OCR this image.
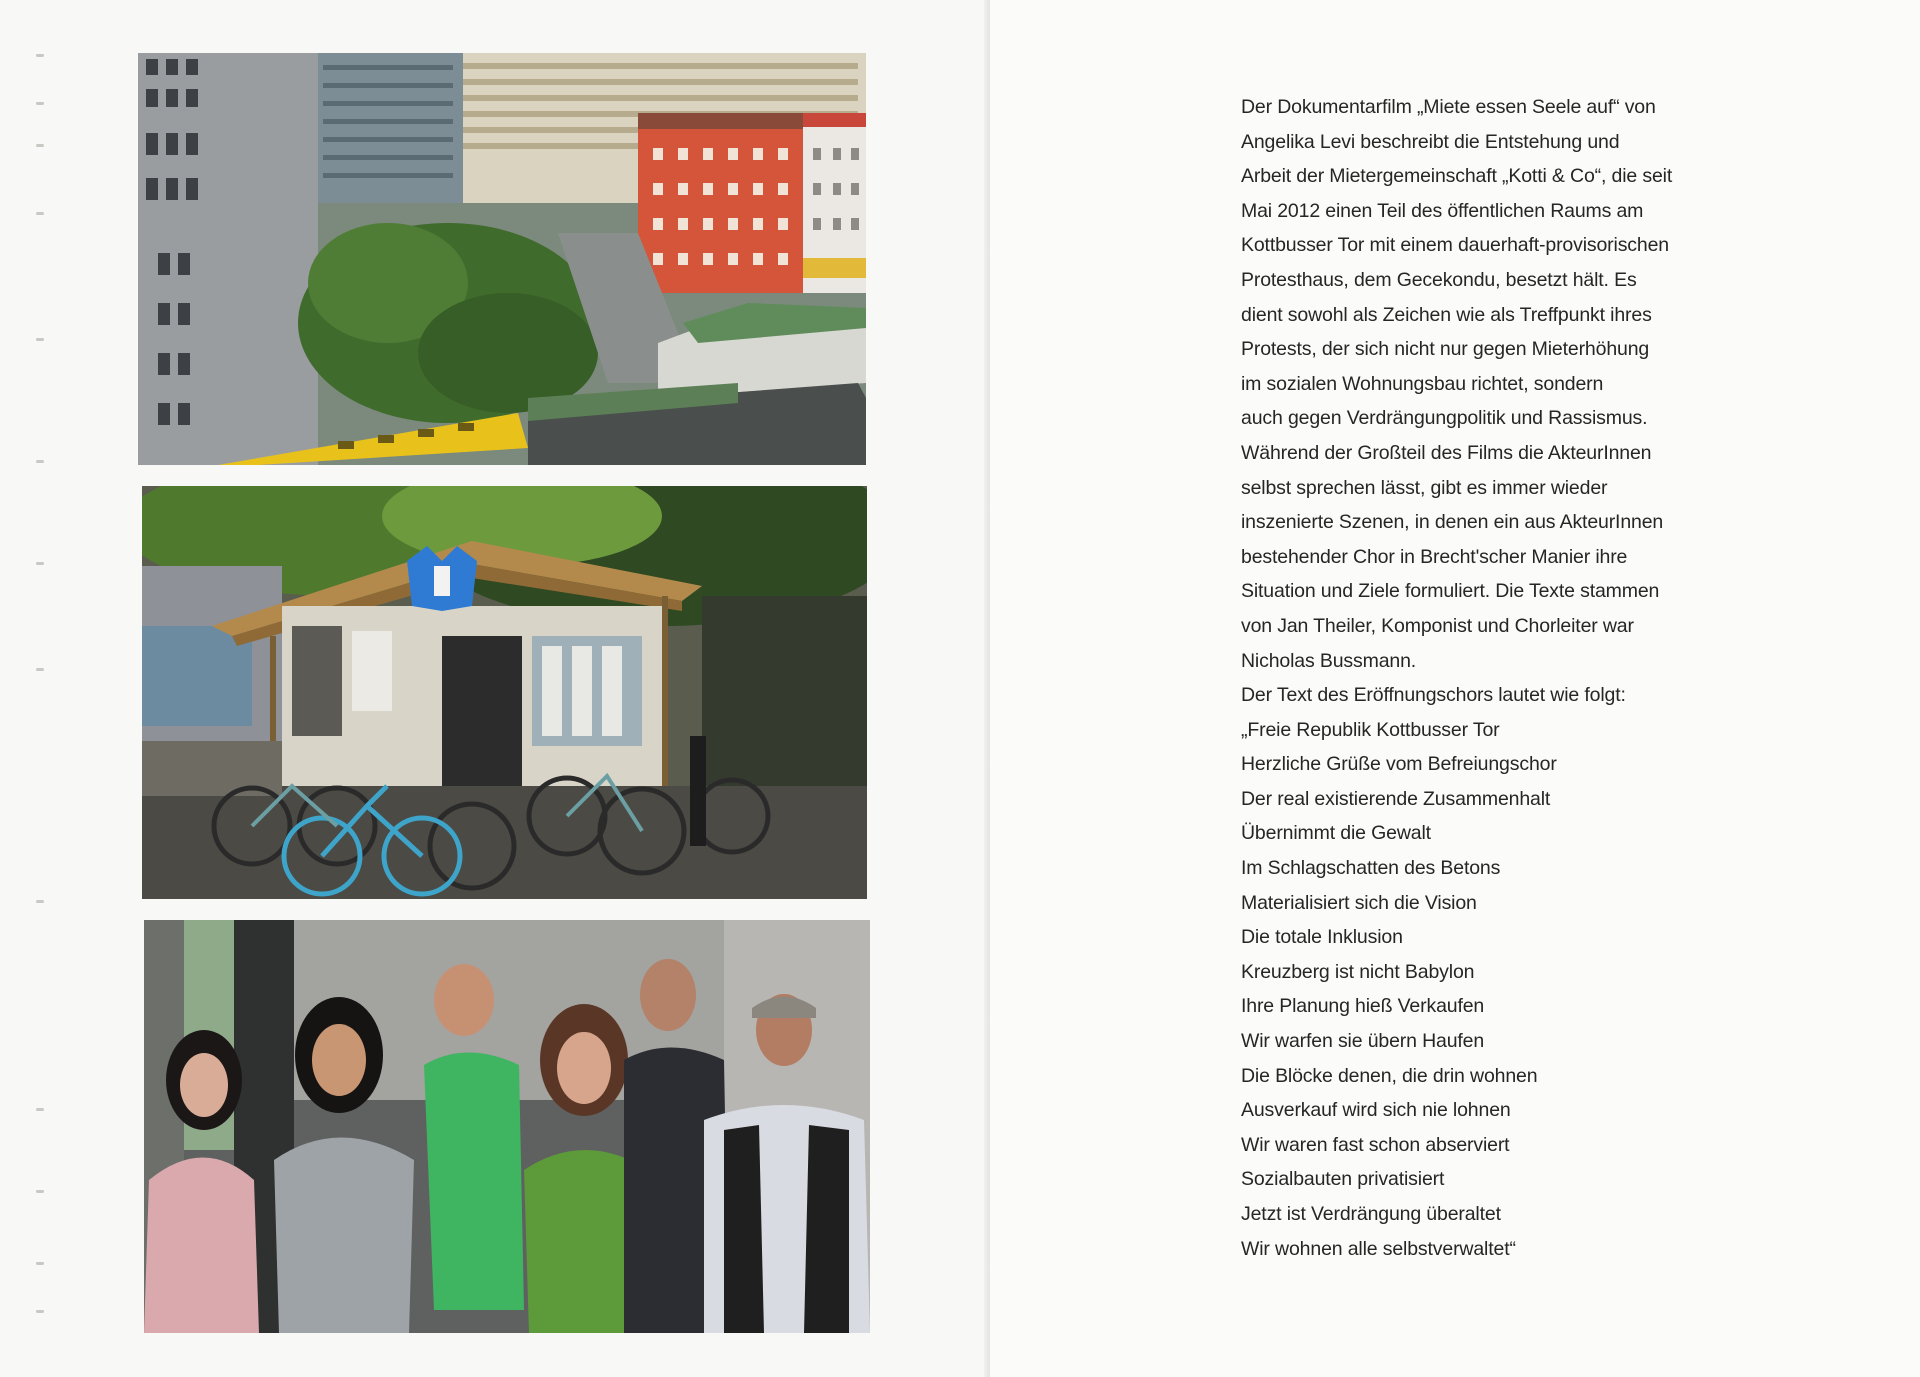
Der Dokumentarfilm „Miete essen Seele auf“ von
Angelika Levi beschreibt die Entstehung und
Arbeit der Mietergemeinschaft „Kotti & Co“, die seit
Mai 2012 einen Teil des öffentlichen Raums am
Kottbusser Tor mit einem dauerhaft-provisorischen
Protesthaus, dem Gecekondu, besetzt hält. Es
dient sowohl als Zeichen wie als Treffpunkt ihres
Protests, der sich nicht nur gegen Mieterhöhung
im sozialen Wohnungsbau richtet, sondern
auch gegen Verdrängungpolitik und Rassismus.
Während der Großteil des Films die AkteurInnen
selbst sprechen lässt, gibt es immer wieder
inszenierte Szenen, in denen ein aus AkteurInnen
bestehender Chor in Brecht'scher Manier ihre
Situation und Ziele formuliert. Die Texte stammen
von Jan Theiler, Komponist und Chorleiter war
Nicholas Bussmann.
Der Text des Eröffnungschors lautet wie folgt:
„Freie Republik Kottbusser Tor
Herzliche Grüße vom Befreiungschor
Der real existierende Zusammenhalt
Übernimmt die Gewalt
Im Schlagschatten des Betons
Materialisiert sich die Vision
Die totale Inklusion
Kreuzberg ist nicht Babylon
Ihre Planung hieß Verkaufen
Wir warfen sie übern Haufen
Die Blöcke denen, die drin wohnen
Ausverkauf wird sich nie lohnen
Wir waren fast schon abserviert
Sozialbauten privatisiert
Jetzt ist Verdrängung überaltet
Wir wohnen alle selbstverwaltet“
